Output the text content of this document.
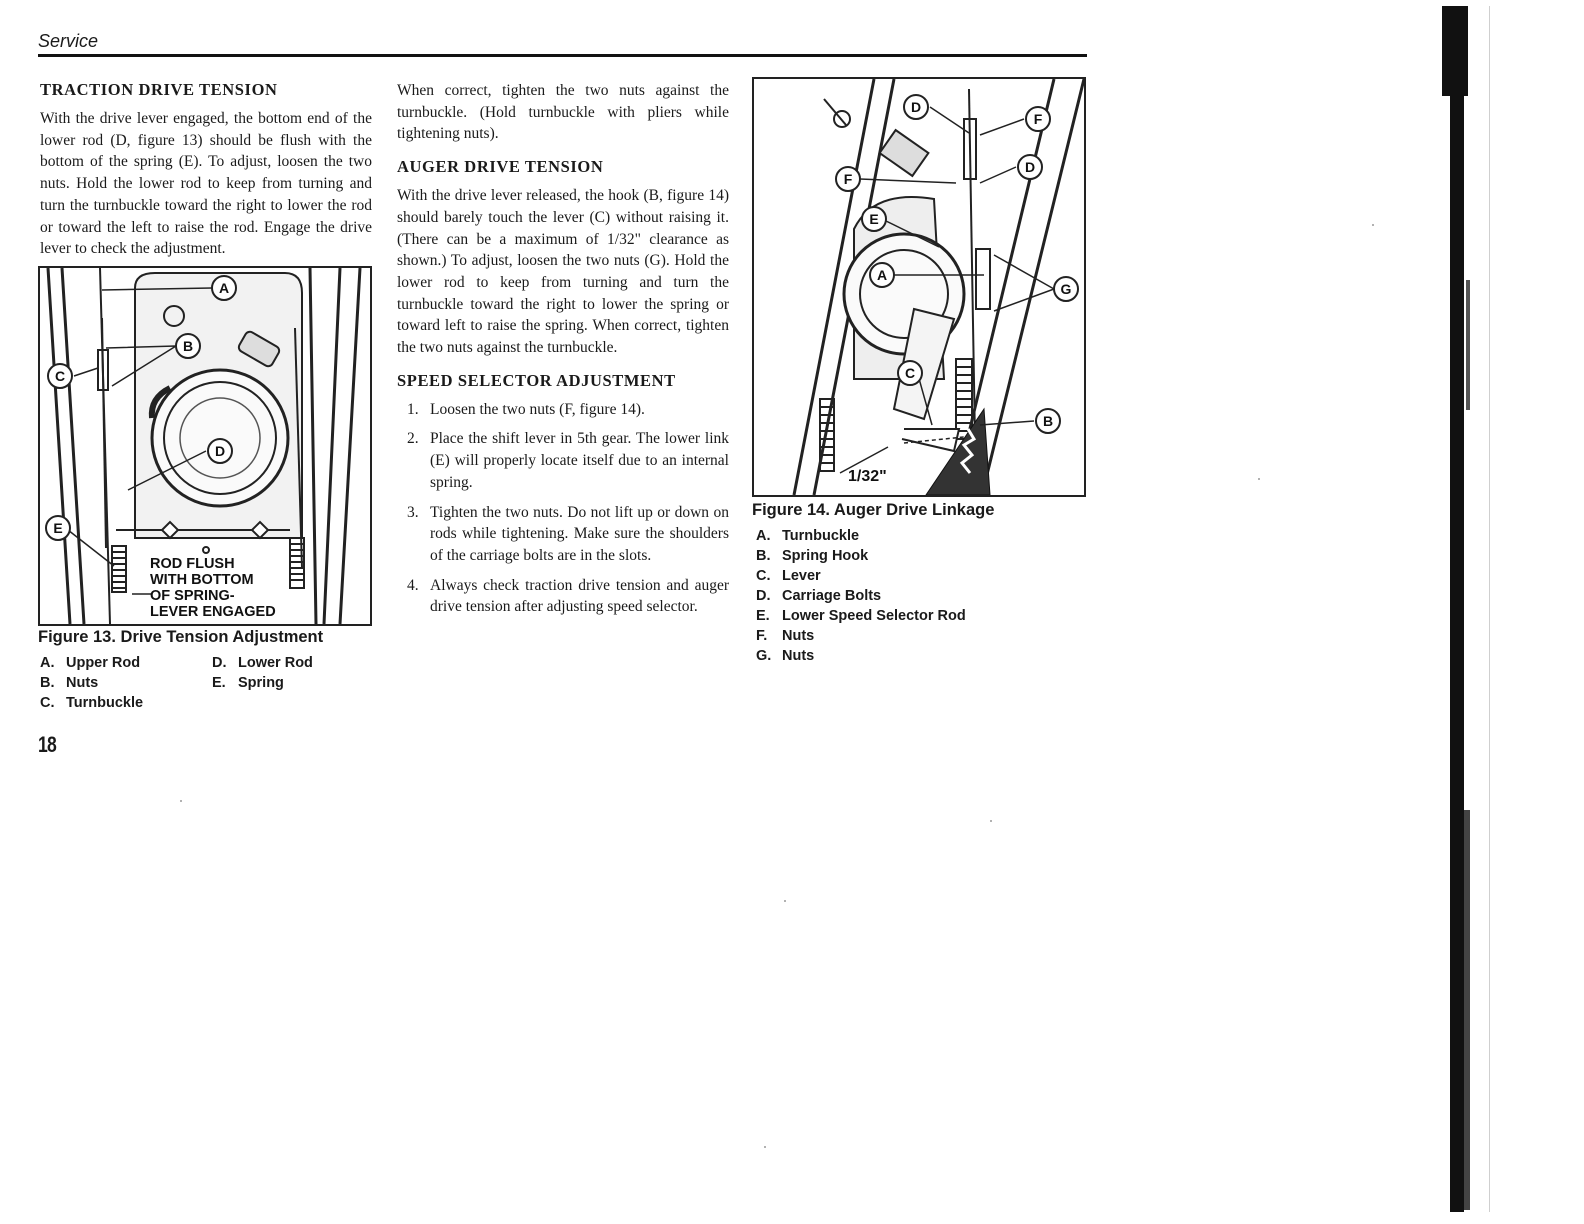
Service
TRACTION DRIVE TENSION

With the drive lever engaged, the bottom end of the lower rod (D, figure 13) should be flush with the bottom of the spring (E). To adjust, loosen the two nuts. Hold the lower rod to keep from turning and turn the turnbuckle toward the right to lower the rod or toward the left to raise the rod. Engage the drive lever to check the adjustment.

A
B
C
D
E
ROD FLUSH
WITH BOTTOM
OF SPRING-
LEVER ENGAGED
Figure 13. Drive Tension Adjustment
A. Upper Rod	D. Lower Rod
B. Nuts	E. Spring
C. Turnbuckle

When correct, tighten the two nuts against the turnbuckle. (Hold turnbuckle with pliers while tightening nuts).

AUGER DRIVE TENSION

With the drive lever released, the hook (B, figure 14) should barely touch the lever (C) without raising it. (There can be a maximum of 1/32" clearance as shown.) To adjust, loosen the two nuts (G). Hold the lower rod to keep from turning and turn the turnbuckle toward the right to lower the spring or toward left to raise the spring. When correct, tighten the two nuts against the turnbuckle.

SPEED SELECTOR ADJUSTMENT
1. Loosen the two nuts (F, figure 14).
2. Place the shift lever in 5th gear. The lower link (E) will properly locate itself due to an internal spring.
3. Tighten the two nuts. Do not lift up or down on rods while tightening. Make sure the shoulders of the carriage bolts are in the slots.
4. Always check traction drive tension and auger drive tension after adjusting speed selector.
D
F
F
D
E
A
G
C
B
1/32"
Figure 14. Auger Drive Linkage
A. Turnbuckle
B. Spring Hook
C. Lever
D. Carriage Bolts
E. Lower Speed Selector Rod
F. Nuts
G. Nuts
18
